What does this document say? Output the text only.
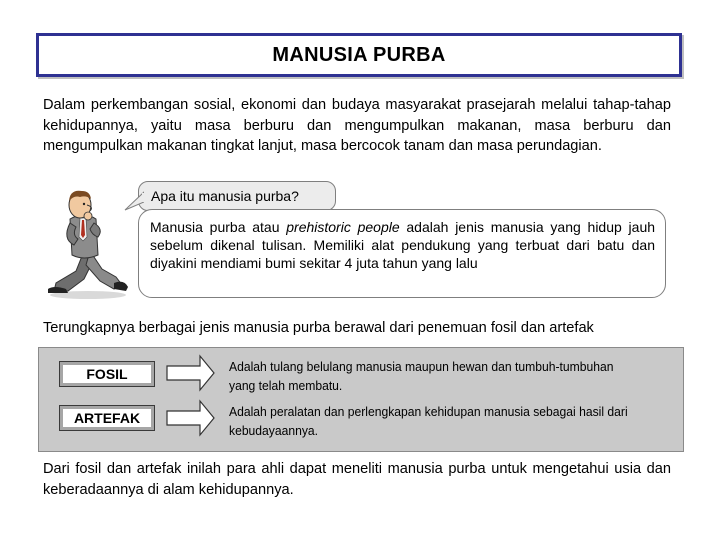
MANUSIA PURBA

Dalam perkembangan sosial, ekonomi dan budaya masyarakat prasejarah melalui tahap-tahap kehidupannya, yaitu masa berburu dan mengumpulkan makanan, masa berburu dan mengumpulkan makanan tingkat lanjut, masa bercocok tanam dan masa perundagian.

Apa itu manusia purba?
Manusia purba atau prehistoric people adalah jenis manusia yang hidup jauh sebelum dikenal tulisan. Memiliki alat pendukung yang terbuat dari batu dan diyakini mendiami bumi sekitar 4 juta tahun yang lalu

Terungkapnya berbagai jenis manusia purba berawal dari penemuan fosil dan artefak

FOSIL	Adalah tulang belulang manusia maupun hewan dan tumbuh-tumbuhan yang telah membatu.
ARTEFAK	Adalah peralatan dan perlengkapan kehidupan manusia sebagai hasil dari kebudayaannya.

Dari fosil dan artefak inilah para ahli dapat meneliti manusia purba untuk mengetahui usia dan keberadaannya di alam kehidupannya.
